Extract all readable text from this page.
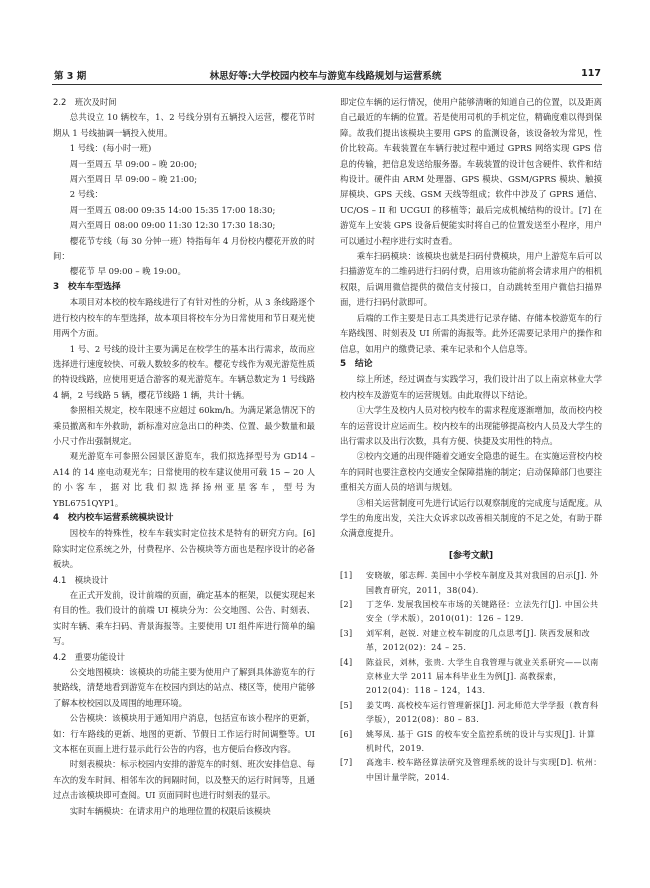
第 3 期	林思好等:大学校园内校车与游览车线路规划与运营系统	117

2.2　班次及时间

总共设立 10 辆校车，1、2 号线分别有五辆投入运营，樱花节时期从 1 号线抽调一辆投入使用。

1 号线：(每小时一班)

周一至周五 早 09:00 – 晚 20:00;

周六至周日 早 09:00 – 晚 21:00;

2 号线：

周一至周五 08:00 09:35 14:00 15:35 17:00 18:30;

周六至周日 08:00 09:00 11:30 12:30 17:30 18:30;

樱花节专线（每 30 分钟一班）特指每年 4 月份校内樱花开放的时间：

樱花节 早 09:00 – 晚 19:00。

3　校车车型选择

本项目对本校的校车路线进行了有针对性的分析，从 3 条线路逐个进行校内校车的车型选择，故本项目将校车分为日常使用和节日观光使用两个方面。

1 号、2 号线的设计主要为满足在校学生的基本出行需求，故而应选择进行速度较快、可载人数较多的校车。樱花专线作为观光游览性质的特设线路，应使用更适合游客的观光游览车。车辆总数定为 1 号线路 4 辆，2 号线路 5 辆，樱花节线路 1 辆，共计十辆。

参照相关规定，校车限速不应超过 60km/h。为满足紧急情况下的乘员撤离和车外救助，新标准对应急出口的种类、位置、最少数量和最小尺寸作出强制规定。

观光游览车可参照公园景区游览车，我们拟选择型号为 GD14 – A14 的 14 座电动观光车；日常使用的校车建议使用可载 15 ~ 20 人的小客车，据对比我们拟选择扬州亚星客车，型号为 YBL6751QYP1。

4　校内校车运营系统模块设计

因校车的特殊性，校车车载实时定位技术是特有的研究方向。[6] 除实时定位系统之外，付费程序、公告模块等方面也是程序设计的必备板块。

4.1　模块设计

在正式开发前，设计前端的页面，确定基本的框架，以便实现起来有目的性。我们设计的前端 UI 模块分为：公交地图、公告、时刻表、实时车辆、乘车扫码、背景海报等。主要使用 UI 组件库进行简单的编写。

4.2　重要功能设计

公交地图模块：该模块的功能主要为使用户了解到具体游览车的行驶路线，清楚地看到游览车在校园内到达的站点、楼区等，使用户能够了解本校校园以及周围的地理环境。

公告模块：该模块用于通知用户消息，包括宣布该小程序的更新，如：行车路线的更新、地图的更新、节假日工作运行时间调整等。UI 文本框在页面上进行显示此行公告的内容，也方便后台修改内容。

时刻表模块：标示校园内安排的游览车的时刻、班次安排信息、每车次的发车时间、相邻车次的间隔时间，以及整天的运行时间等，且通过点击该模块即可查阅。UI 页面同时也进行时刻表的显示。

实时车辆模块：在请求用户的地理位置的权限后该模块

即定位车辆的运行情况，使用户能够清晰的知道自己的位置，以及距离自己最近的车辆的位置。若是使用司机的手机定位，精确度难以得到保障。故我们提出该模块主要用 GPS 的监测设备，该设备较为常见，性价比较高。车载装置在车辆行驶过程中通过 GPRS 网络实现 GPS 信息的传输，把信息发送给服务器。车载装置的设计包含硬件、软件和结构设计。硬件由 ARM 处理器、GPS 模块、GSM/GPRS 模块、触摸屏模块、GPS 天线、GSM 天线等组成；软件中涉及了 GPRS 通信、UC/OS – II 和 UCGUI 的移植等；最后完成机械结构的设计。[7] 在游览车上安装 GPS 设备后便能实时将自己的位置发送至小程序，用户可以通过小程序进行实时查看。

乘车扫码模块：该模块也就是扫码付费模块，用户上游览车后可以扫描游览车的二维码进行扫码付费，启用该功能前将会请求用户的相机权限，后调用微信提供的微信支付接口，自动跳转至用户微信扫描界面，进行扫码付款即可。

后端的工作主要是日志工具类进行记录存储、存储本校游览车的行车路线图、时刻表及 UI 所需的海报等。此外还需要记录用户的操作和信息，如用户的缴费记录、乘车记录和个人信息等。

5　结论

综上所述，经过调查与实践学习，我们设计出了以上南京林业大学校内校车及游览车的运营规划。由此取得以下结论。

①大学生及校内人员对校内校车的需求程度逐渐增加，故而校内校车的运营设计应运而生。校内校车的出现能够提高校内人员及大学生的出行需求以及出行次数，具有方便、快捷及实用性的特点。

②校内交通的出现伴随着交通安全隐患的诞生。在实施运营校内校车的同时也要注意校内交通安全保障措施的制定；启动保障部门也要注重相关方面人员的培训与规划。

③相关运营制度可先进行试运行以观察制度的完成度与适配度。从学生的角度出发，关注大众诉求以改善相关制度的不足之处，有助于群众满意度提升。

[参考文献]
[1] 安晓敏，邬志辉. 美国中小学校车制度及其对我国的启示[J]. 外国教育研究，2011，38(04).
[2] 丁芝华. 发展我国校车市场的关键路径：立法先行[J]. 中国公共安全（学术版），2010(01)：126 – 129.
[3] 刘军利，赵锐. 对建立校车制度的几点思考[J]. 陕西发展和改革，2012(02)：24 – 25.
[4] 陈益民，刘林，张贵. 大学生自我管理与就业关系研究——以南京林业大学 2011 届本科毕业生为例[J]. 高教探索，2012(04)：118 – 124，143.
[5] 姜艾鸣. 高校校车运行管理新探[J]. 河北师范大学学报（教育科学版），2012(08)：80 – 83.
[6] 姚琴凤. 基于 GIS 的校车安全监控系统的设计与实现[J]. 计算机时代，2019.
[7] 高逸丰. 校车路径算法研究及管理系统的设计与实现[D]. 杭州：中国计量学院，2014.
